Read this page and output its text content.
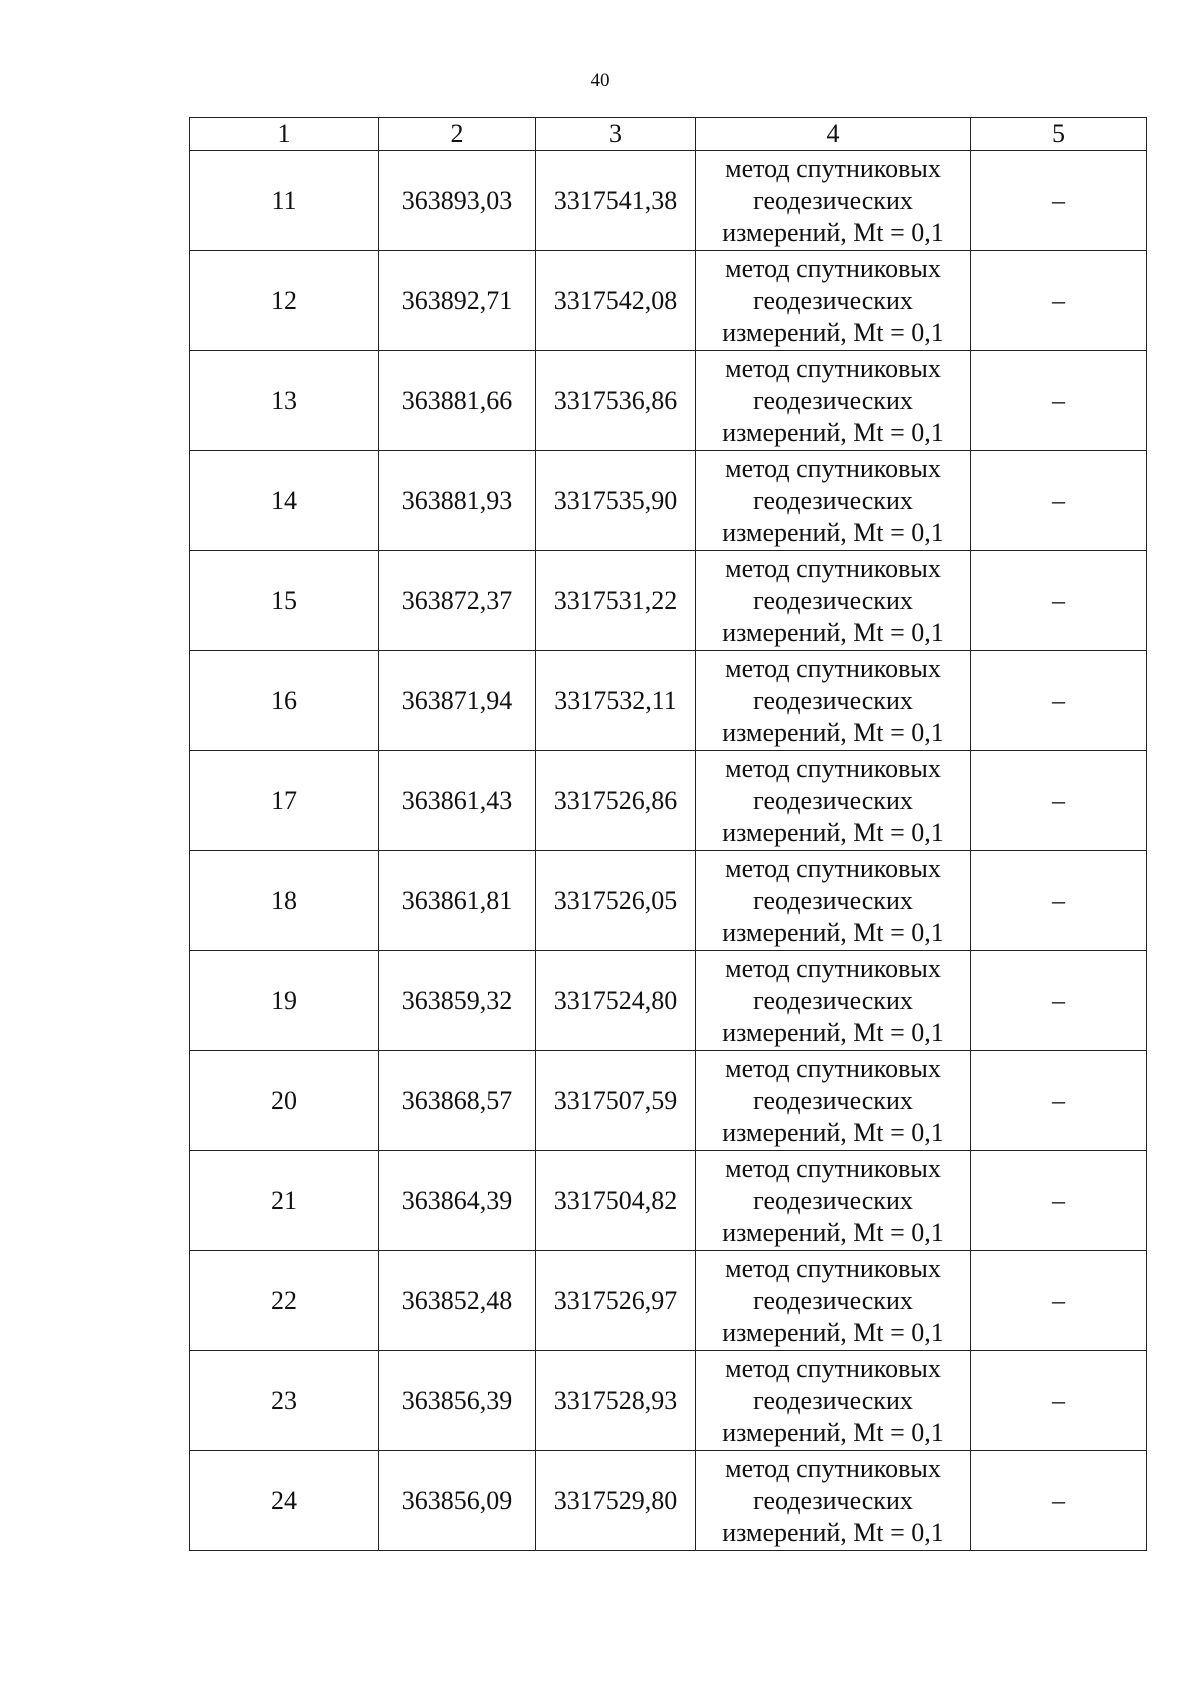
40
1	2	3	4	5
11	363893,03	3317541,38	метод спутниковых
геодезических
измерений, Mt = 0,1	–
12	363892,71	3317542,08	метод спутниковых
геодезических
измерений, Mt = 0,1	–
13	363881,66	3317536,86	метод спутниковых
геодезических
измерений, Mt = 0,1	–
14	363881,93	3317535,90	метод спутниковых
геодезических
измерений, Mt = 0,1	–
15	363872,37	3317531,22	метод спутниковых
геодезических
измерений, Mt = 0,1	–
16	363871,94	3317532,11	метод спутниковых
геодезических
измерений, Mt = 0,1	–
17	363861,43	3317526,86	метод спутниковых
геодезических
измерений, Mt = 0,1	–
18	363861,81	3317526,05	метод спутниковых
геодезических
измерений, Mt = 0,1	–
19	363859,32	3317524,80	метод спутниковых
геодезических
измерений, Mt = 0,1	–
20	363868,57	3317507,59	метод спутниковых
геодезических
измерений, Mt = 0,1	–
21	363864,39	3317504,82	метод спутниковых
геодезических
измерений, Mt = 0,1	–
22	363852,48	3317526,97	метод спутниковых
геодезических
измерений, Mt = 0,1	–
23	363856,39	3317528,93	метод спутниковых
геодезических
измерений, Mt = 0,1	–
24	363856,09	3317529,80	метод спутниковых
геодезических
измерений, Mt = 0,1	–
